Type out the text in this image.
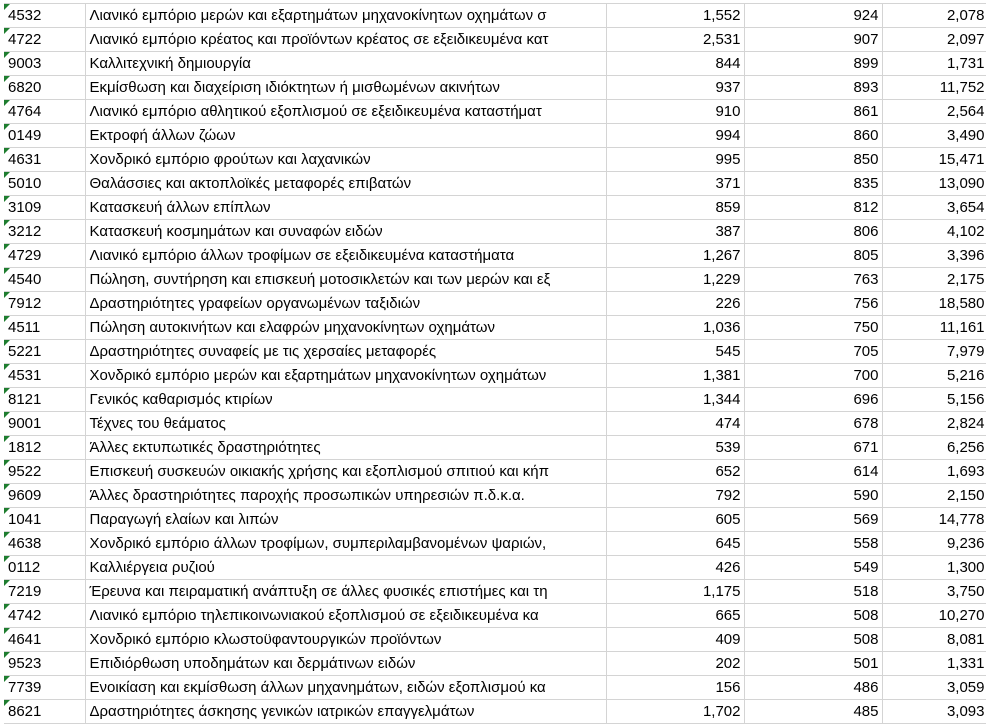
4532	Λιανικό εμπόριο μερών και εξαρτημάτων μηχανοκίνητων οχημάτων σ	1,552	924	2,078

4722	Λιανικό εμπόριο κρέατος και προϊόντων κρέατος σε εξειδικευμένα κατ	2,531	907	2,097

9003	Καλλιτεχνική δημιουργία	844	899	1,731

6820	Εκμίσθωση και διαχείριση ιδιόκτητων ή μισθωμένων ακινήτων	937	893	11,752

4764	Λιανικό εμπόριο αθλητικού εξοπλισμού σε εξειδικευμένα καταστήματ	910	861	2,564

0149	Εκτροφή άλλων ζώων	994	860	3,490

4631	Χονδρικό εμπόριο φρούτων και λαχανικών	995	850	15,471

5010	Θαλάσσιες και ακτοπλοϊκές μεταφορές επιβατών	371	835	13,090

3109	Κατασκευή άλλων επίπλων	859	812	3,654

3212	Κατασκευή κοσμημάτων και συναφών ειδών	387	806	4,102

4729	Λιανικό εμπόριο άλλων τροφίμων σε εξειδικευμένα καταστήματα	1,267	805	3,396

4540	Πώληση, συντήρηση και επισκευή μοτοσικλετών και των μερών και εξ	1,229	763	2,175

7912	Δραστηριότητες γραφείων οργανωμένων ταξιδιών	226	756	18,580

4511	Πώληση αυτοκινήτων και ελαφρών μηχανοκίνητων οχημάτων	1,036	750	11,161

5221	Δραστηριότητες συναφείς με τις χερσαίες μεταφορές	545	705	7,979

4531	Χονδρικό εμπόριο μερών και εξαρτημάτων μηχανοκίνητων οχημάτων	1,381	700	5,216

8121	Γενικός καθαρισμός κτιρίων	1,344	696	5,156

9001	Τέχνες του θεάματος	474	678	2,824

1812	Άλλες εκτυπωτικές δραστηριότητες	539	671	6,256

9522	Επισκευή συσκευών οικιακής χρήσης και εξοπλισμού σπιτιού και κήπ	652	614	1,693

9609	Άλλες δραστηριότητες παροχής προσωπικών υπηρεσιών π.δ.κ.α.	792	590	2,150

1041	Παραγωγή ελαίων και λιπών	605	569	14,778

4638	Χονδρικό εμπόριο άλλων τροφίμων, συμπεριλαμβανομένων ψαριών,	645	558	9,236

0112	Καλλιέργεια ρυζιού	426	549	1,300

7219	Έρευνα και πειραματική ανάπτυξη σε άλλες φυσικές επιστήμες και τη	1,175	518	3,750

4742	Λιανικό εμπόριο τηλεπικοινωνιακού εξοπλισμού σε εξειδικευμένα κα	665	508	10,270

4641	Χονδρικό εμπόριο κλωστοϋφαντουργικών προϊόντων	409	508	8,081

9523	Επιδιόρθωση υποδημάτων και δερμάτινων ειδών	202	501	1,331

7739	Ενοικίαση και εκμίσθωση άλλων μηχανημάτων, ειδών εξοπλισμού κα	156	486	3,059

8621	Δραστηριότητες άσκησης γενικών ιατρικών επαγγελμάτων	1,702	485	3,093
